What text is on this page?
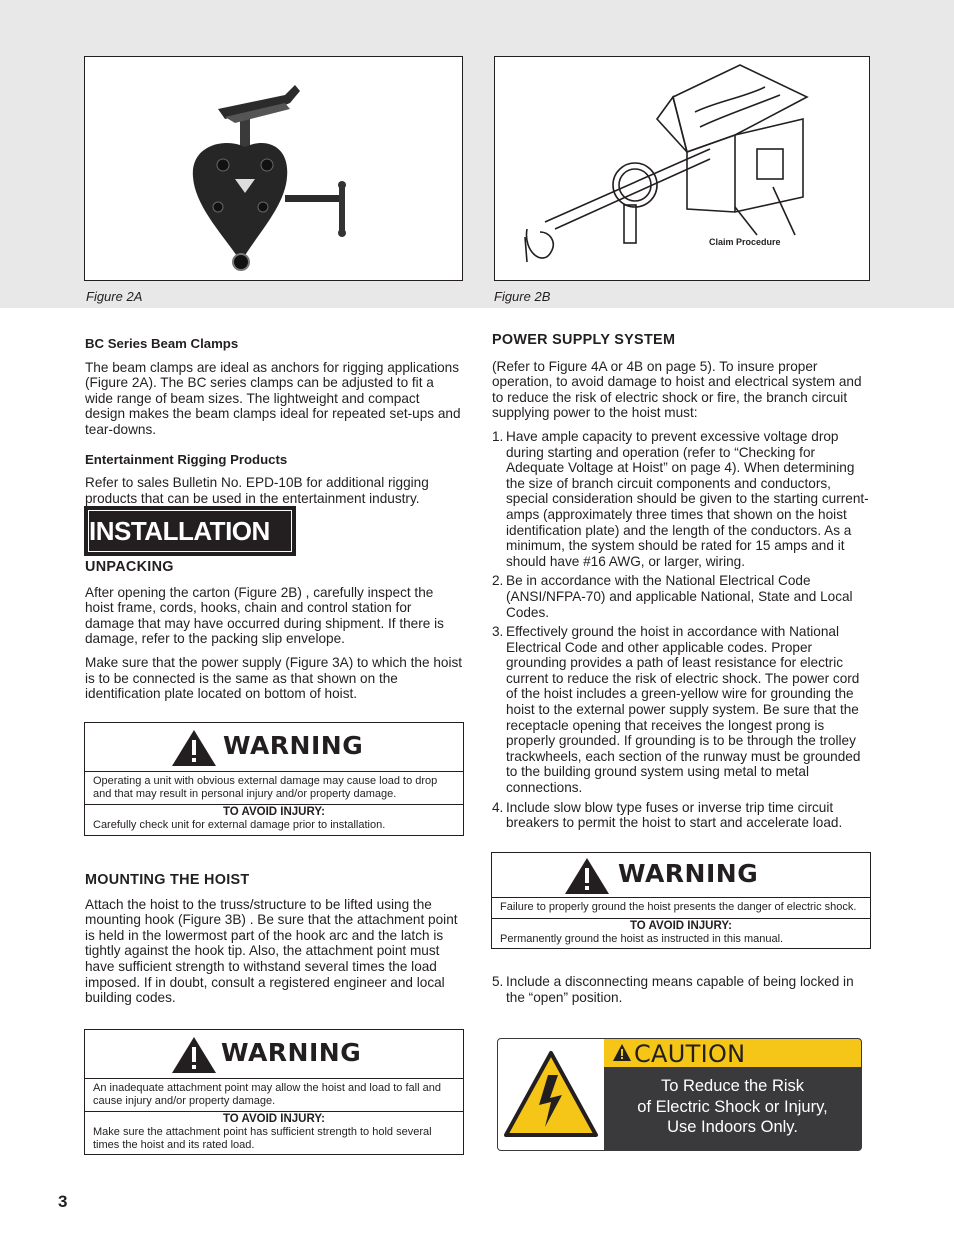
Figure 2A
Claim Procedure
Figure 2B

BC Series Beam Clamps

The beam clamps are ideal as anchors for rigging applications (Figure 2A). The BC series clamps can be adjusted to fit a wide range of beam sizes. The lightweight and compact design makes the beam clamps ideal for repeated set-ups and tear-downs.

Entertainment Rigging Products

Refer to sales Bulletin No. EPD-10B for additional rigging products that can be used in the entertainment industry.

INSTALLATION

UNPACKING

After opening the carton (Figure 2B) , carefully inspect the hoist frame, cords, hooks, chain and control station for damage that may have occurred during shipment. If there is damage, refer to the packing slip envelope.

Make sure that the power supply (Figure 3A) to which the hoist is to be connected is the same as that shown on the identification plate located on bottom of hoist.

WARNING
Operating a unit with obvious external damage may cause load to drop and that may result in personal injury and/or property damage.
TO AVOID INJURY:
Carefully check unit for external damage prior to installation.

MOUNTING THE HOIST

Attach the hoist to the truss/structure to be lifted using the mounting hook (Figure 3B) . Be sure that the attachment point is held in the lowermost part of the hook arc and the latch is tightly against the hook tip. Also, the attachment point must have sufficient strength to withstand several times the load imposed. If in doubt, consult a registered engineer and local building codes.

WARNING
An inadequate attachment point may allow the hoist and load to fall and cause injury and/or property damage.
TO AVOID INJURY:
Make sure the attachment point has sufficient strength to hold several times the hoist and its rated load.

POWER SUPPLY SYSTEM

(Refer to Figure 4A or 4B on page 5). To insure proper operation, to avoid damage to hoist and electrical system and to reduce the risk of electric shock or fire, the branch circuit supplying power to the hoist must:

1. Have ample capacity to prevent excessive voltage drop during starting and operation (refer to “Checking for Adequate Voltage at Hoist” on page 4). When determining the size of branch circuit components and conductors, special consideration should be given to the starting current-amps (approximately three times that shown on the hoist identification plate) and the length of the conductors. As a minimum, the system should be rated for 15 amps and it should have #16 AWG, or larger, wiring.
2. Be in accordance with the National Electrical Code (ANSI/NFPA-70) and applicable National, State and Local Codes.
3. Effectively ground the hoist in accordance with National Electrical Code and other applicable codes. Proper grounding provides a path of least resistance for electric current to reduce the risk of electric shock. The power cord of the hoist includes a green-yellow wire for grounding the hoist to the external power supply system. Be sure that the receptacle opening that receives the longest prong is properly grounded. If grounding is to be through the trolley trackwheels, each section of the runway must be grounded to the building ground system using metal to metal connections.
4. Include slow blow type fuses or inverse trip time circuit breakers to permit the hoist to start and accelerate load.
WARNING
Failure to properly ground the hoist presents the danger of electric shock.
TO AVOID INJURY:
Permanently ground the hoist as instructed in this manual.
5. Include a disconnecting means capable of being locked in the “open” position.
CAUTION
To Reduce the Risk
of Electric Shock or Injury,
Use Indoors Only.
3
